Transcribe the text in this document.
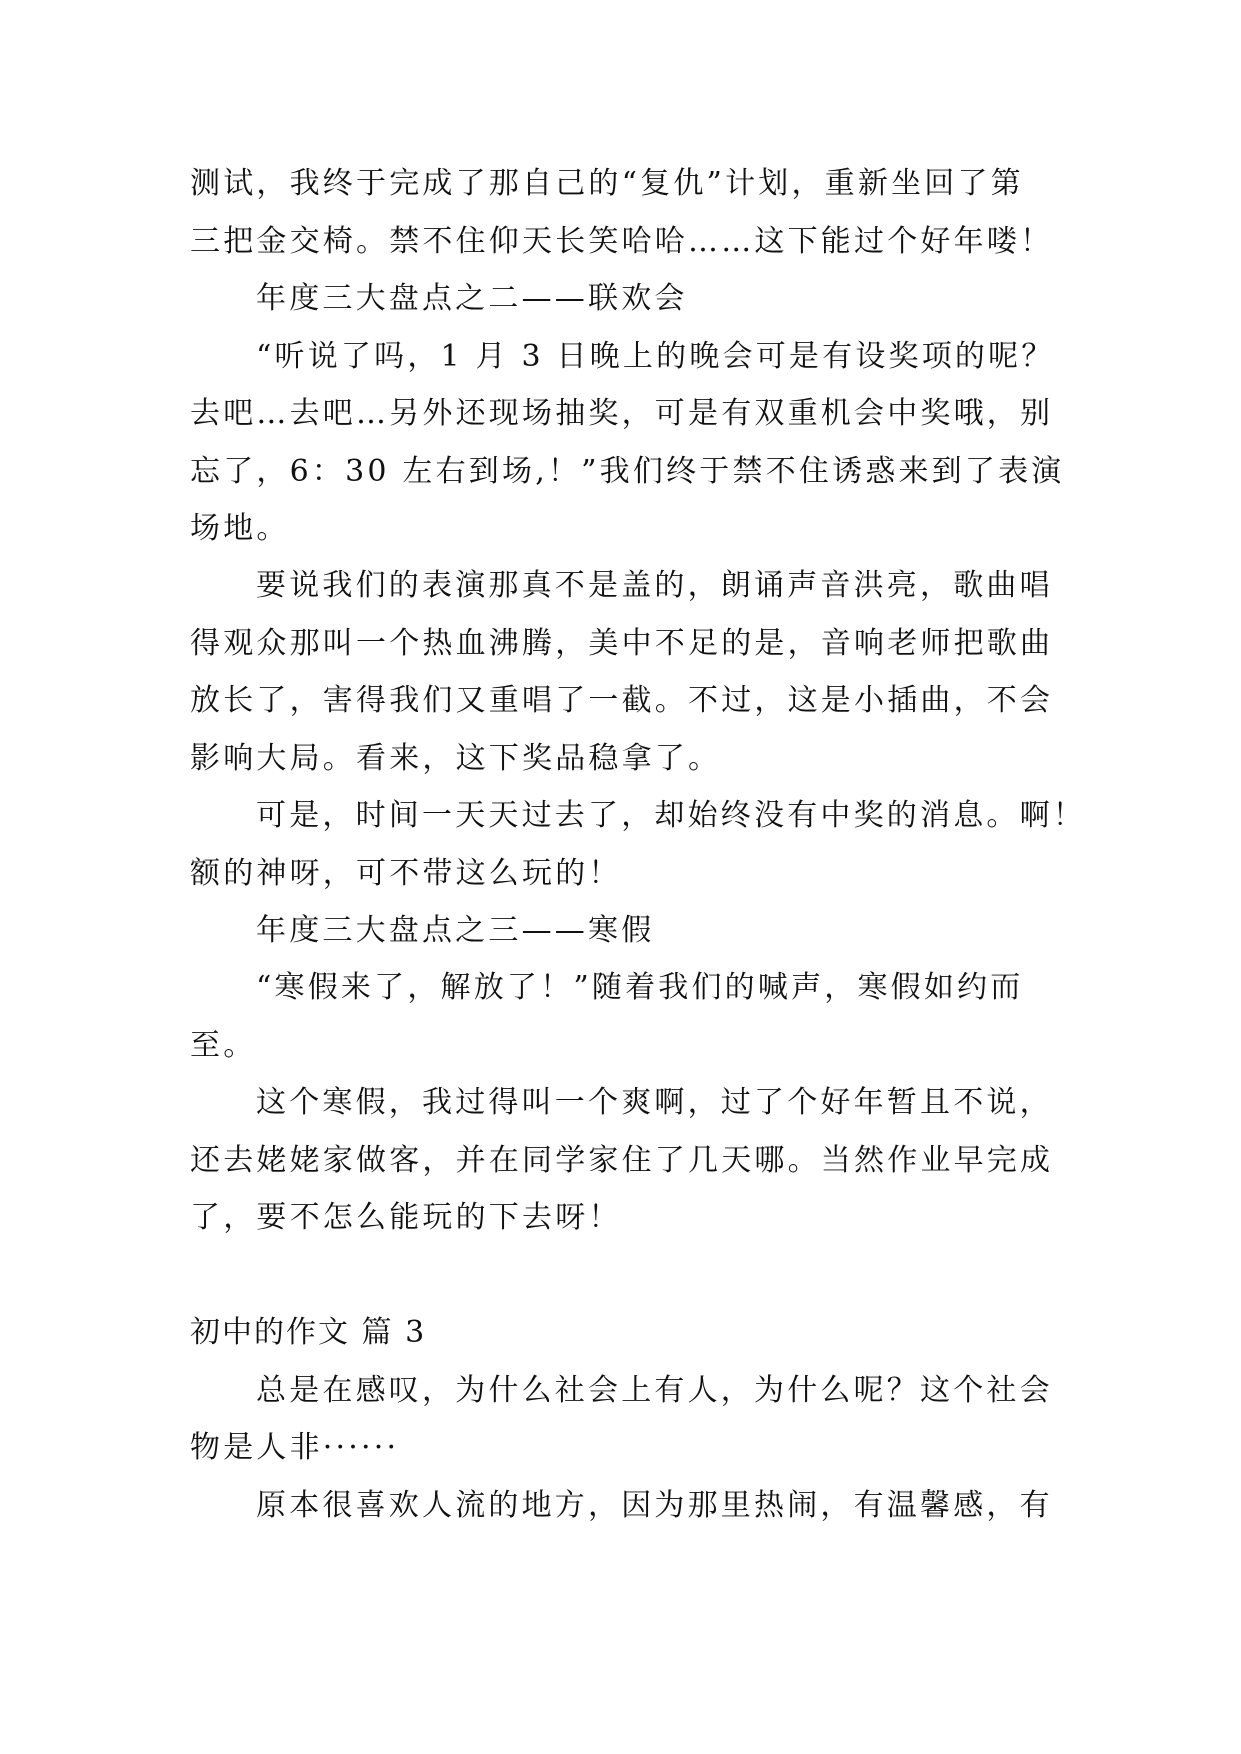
测试，我终于完成了那自己的“复仇”计划，重新坐回了第
三把金交椅。禁不住仰天长笑哈哈……这下能过个好年喽！
年度三大盘点之二——联欢会
“听说了吗，1 月 3 日晚上的晚会可是有设奖项的呢？
去吧…去吧…另外还现场抽奖，可是有双重机会中奖哦，别
忘了，6：30 左右到场,！”我们终于禁不住诱惑来到了表演
场地。
要说我们的表演那真不是盖的，朗诵声音洪亮，歌曲唱
得观众那叫一个热血沸腾，美中不足的是，音响老师把歌曲
放长了，害得我们又重唱了一截。不过，这是小插曲，不会
影响大局。看来，这下奖品稳拿了。
可是，时间一天天过去了，却始终没有中奖的消息。啊！
额的神呀，可不带这么玩的！
年度三大盘点之三——寒假
“寒假来了，解放了！”随着我们的喊声，寒假如约而
至。
这个寒假，我过得叫一个爽啊，过了个好年暂且不说，
还去姥姥家做客，并在同学家住了几天哪。当然作业早完成
了，要不怎么能玩的下去呀！
初中的作文 篇 3
总是在感叹，为什么社会上有人，为什么呢？这个社会
物是人非······
原本很喜欢人流的地方，因为那里热闹，有温馨感，有
